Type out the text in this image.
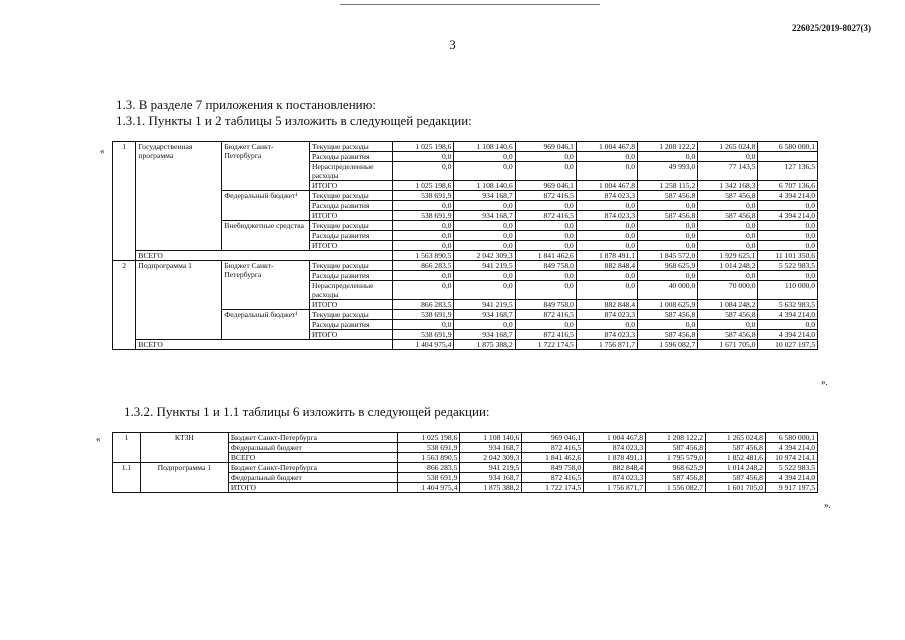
226025/2019-8027(3)
3
1.3. В разделе 7 приложения к постановлению:
1.3.1. Пункты 1 и 2 таблицы 5 изложить в следующей редакции:
« 1	Государственная программа	Бюджет Санкт-Петербурга	Текущие расходы	1 025 198,6	1 108 140,6	969 046,1	1 004 467,8	1 208 122,2	1 265 024,8	6 580 000,1
			Расходы развития	0,0	0,0	0,0	0,0	0,0	0,0	
			Нераспределенные расходы	0,0	0,0	0,0	0,0	49 993,0	77 143,5	127 136,5
			ИТОГО	1 025 198,6	1 108 140,6	969 046,1	1 004 467,8	1 258 115,2	1 342 168,3	6 707 136,6
		Федеральный бюджет¹	Текущие расходы	538 691,9	934 168,7	872 416,5	874 023,3	587 456,8	587 456,8	4 394 214,0
			Расходы развития	0,0	0,0	0,0	0,0	0,0	0,0	0,0
			ИТОГО	538 691,9	934 168,7	872 416,5	874 023,3	587 456,8	587 456,8	4 394 214,0
		Внебюджетные средства	Текущие расходы	0,0	0,0	0,0	0,0	0,0	0,0	0,0
			Расходы развития	0,0	0,0	0,0	0,0	0,0	0,0	0,0
			ИТОГО	0,0	0,0	0,0	0,0	0,0	0,0	0,0
	ВСЕГО			1 563 890,5	2 042 309,3	1 841 462,6	1 878 491,1	1 845 572,0	1 929 625,1	11 101 350,6
2	Подпрограмма 1	Бюджет Санкт-Петербурга	Текущие расходы	866 283,5	941 219,5	849 758,0	882 848,4	968 625,9	1 014 248,2	5 522 983,5
			Расходы развития	0,0	0,0	0,0	0,0	0,0	0,0	0,0
			Нераспределенные расходы	0,0	0,0	0,0	0,0	40 000,0	70 000,0	110 000,0
			ИТОГО	866 283,5	941 219,5	849 758,0	882 848,4	1 008 625,9	1 084 248,2	5 632 983,5
		Федеральный бюджет¹	Текущие расходы	538 691,9	934 168,7	872 416,5	874 023,3	587 456,8	587 456,8	4 394 214,0
			Расходы развития	0,0	0,0	0,0	0,0	0,0	0,0	0,0
			ИТОГО	538 691,9	934 168,7	872 416,5	874 023,3	587 456,8	587 456,8	4 394 214,0
	ВСЕГО			1 404 975,4	1 875 388,2	1 722 174,5	1 756 871,7	1 596 082,7	1 671 705,0	10 027 197,5
».
1.3.2. Пункты 1 и 1.1 таблицы 6 изложить в следующей редакции:
«	1	КТЗН	Бюджет Санкт-Петербурга	1 025 198,6	1 108 140,6	969 046,1	1 004 467,8	1 208 122,2	1 265 024,8	6 580 000,1
		Федеральный бюджет	538 691,9	934 168,7	872 416,5	874 023,3	587 456,8	587 456,8	4 394 214,0
		ВСЕГО	1 563 890,5	2 042 309,3	1 841 462,6	1 878 491,1	1 795 579,0	1 852 481,6	10 974 214,1
1.1	Подпрограмма 1	Бюджет Санкт-Петербурга	866 283,5	941 219,5	849 758,0	882 848,4	968 625,9	1 014 248,2	5 522 983,5
		Федеральный бюджет	538 691,9	934 168,7	872 416,5	874 023,3	587 456,8	587 456,8	4 394 214,0
		ИТОГО	1 404 975,4	1 875 388,2	1 722 174,5	1 756 871,7	1 556 082,7	1 601 705,0	9 917 197,5
».
